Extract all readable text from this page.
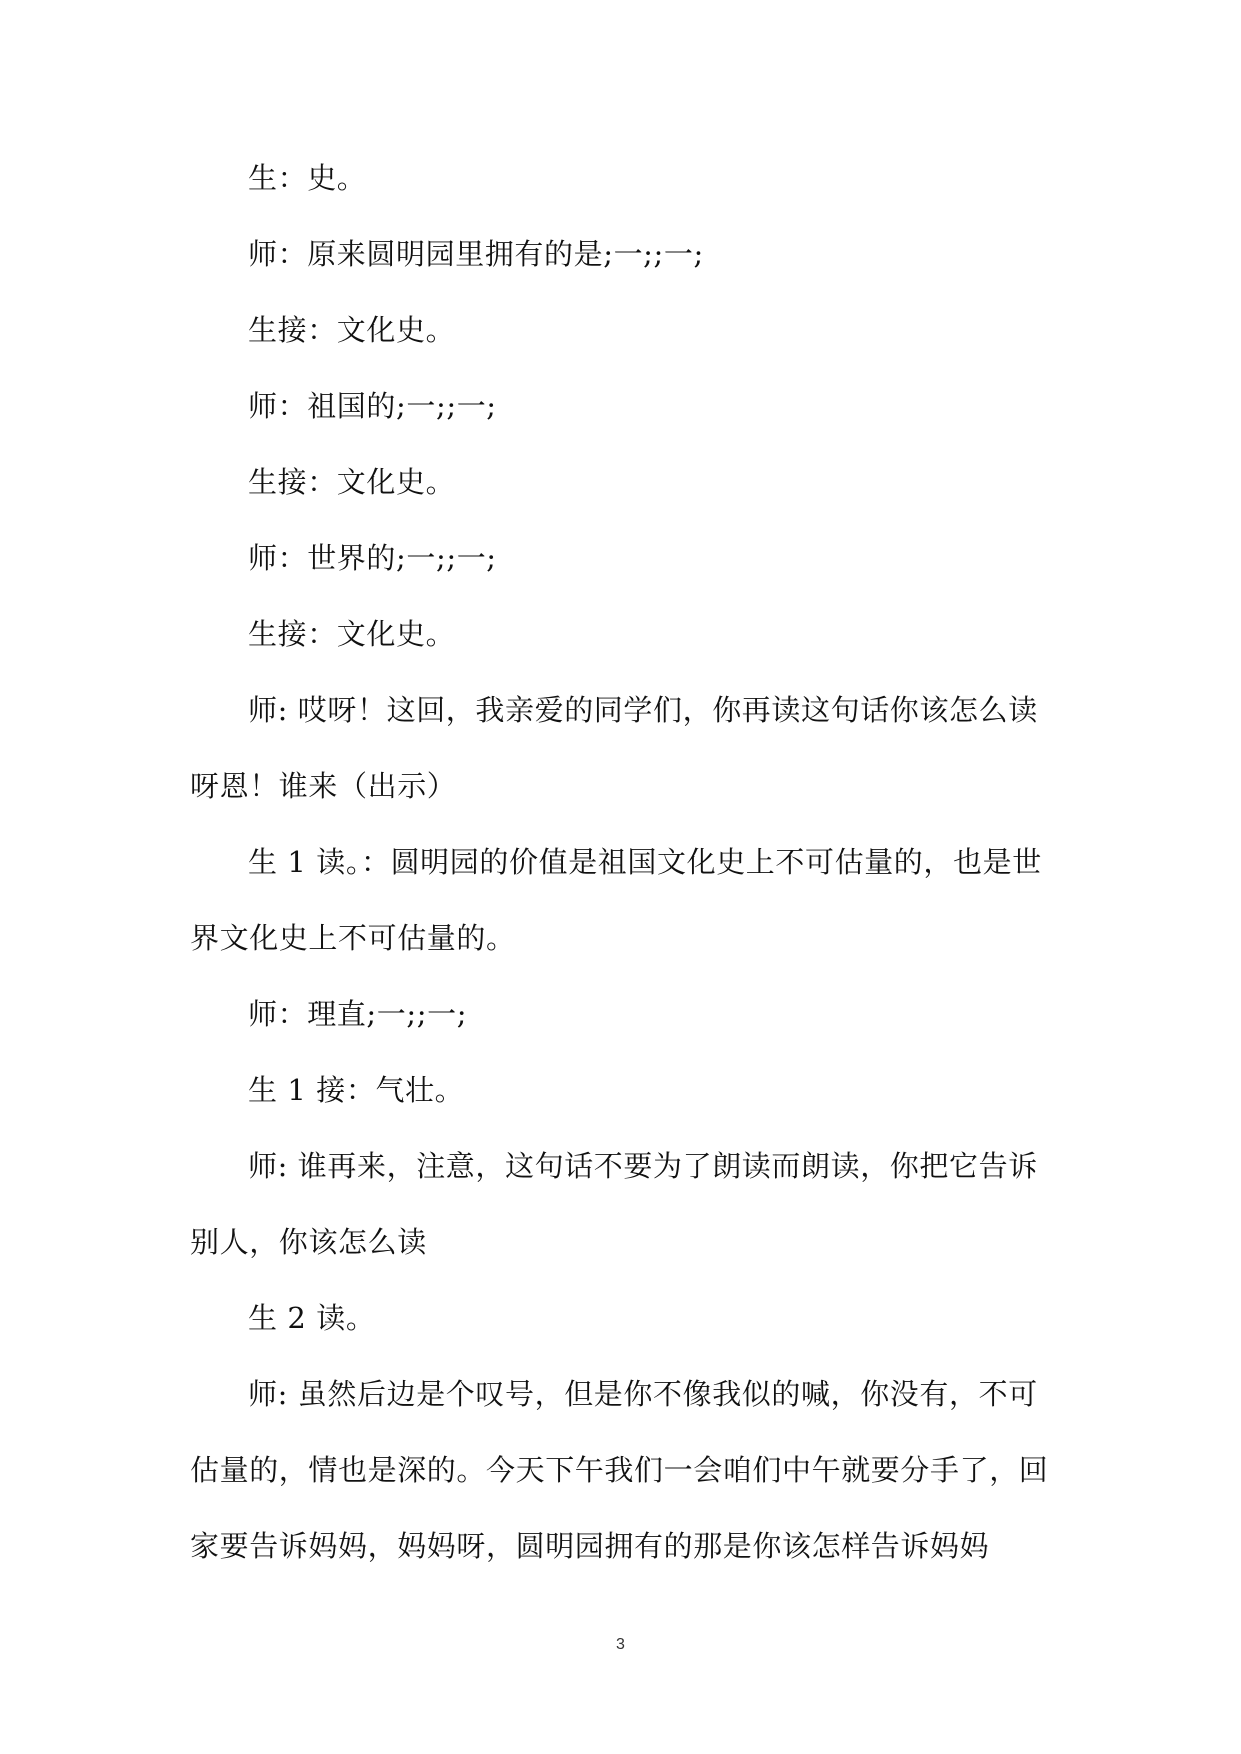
生：史。

师：原来圆明园里拥有的是;一;;一;

生接：文化史。

师：祖国的;一;;一;

生接：文化史。

师：世界的;一;;一;

生接：文化史。

师: 哎呀！这回，我亲爱的同学们，你再读这句话你该怎么读呀恩！谁来（出示）

生 1 读。：圆明园的价值是祖国文化史上不可估量的，也是世界文化史上不可估量的。

师：理直;一;;一;

生 1 接：气壮。

师: 谁再来，注意，这句话不要为了朗读而朗读，你把它告诉别人，你该怎么读

生 2 读。

师: 虽然后边是个叹号，但是你不像我似的喊，你没有，不可估量的，情也是深的。今天下午我们一会咱们中午就要分手了，回家要告诉妈妈，妈妈呀，圆明园拥有的那是你该怎样告诉妈妈

3
